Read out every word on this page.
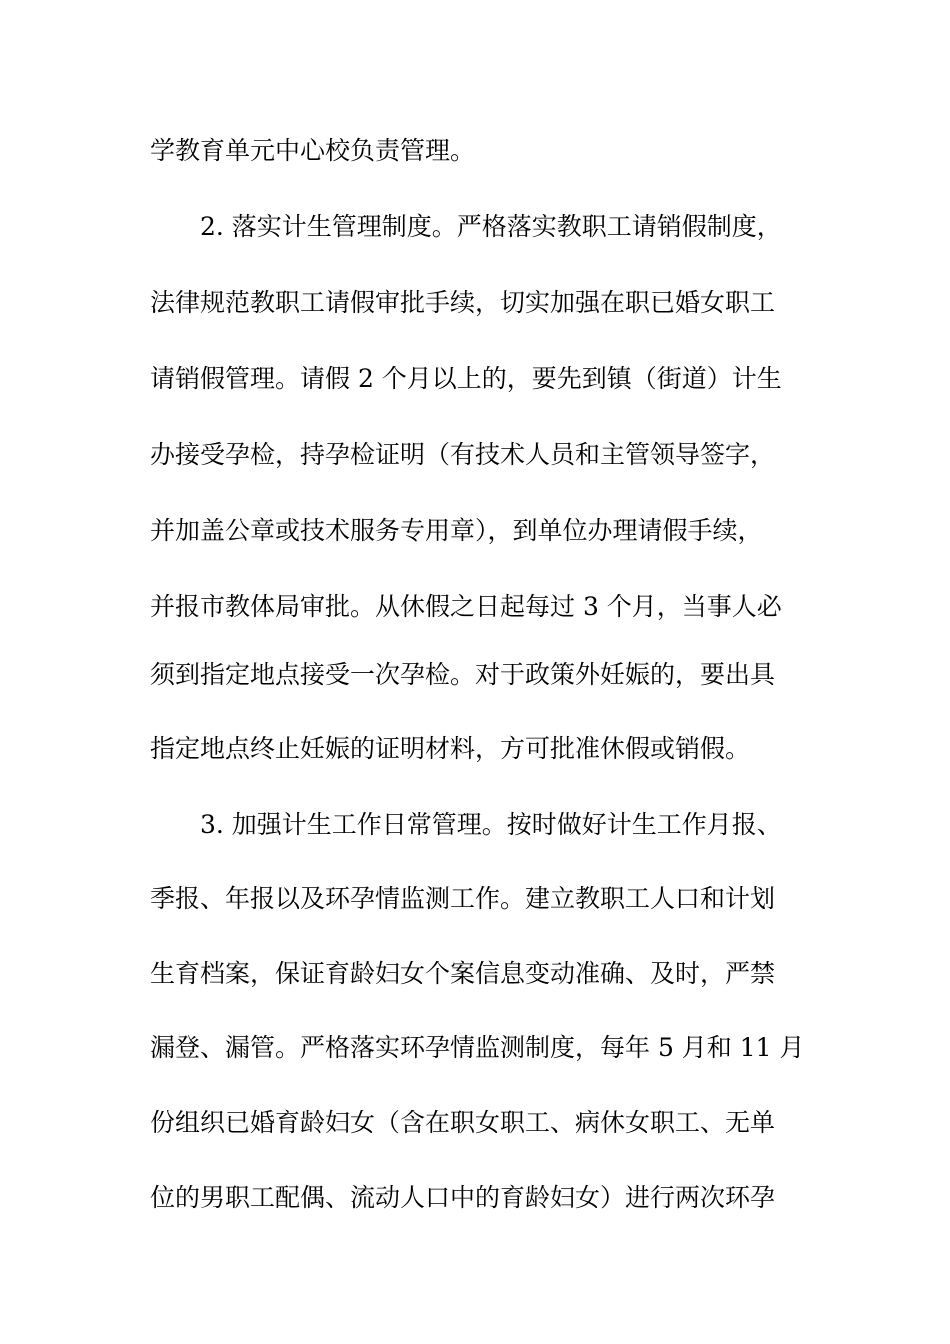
学教育单元中心校负责管理。
　　2. 落实计生管理制度。严格落实教职工请销假制度，
法律规范教职工请假审批手续，切实加强在职已婚女职工
请销假管理。请假 2 个月以上的，要先到镇（街道）计生
办接受孕检，持孕检证明（有技术人员和主管领导签字，
并加盖公章或技术服务专用章），到单位办理请假手续，
并报市教体局审批。从休假之日起每过 3 个月，当事人必
须到指定地点接受一次孕检。对于政策外妊娠的，要出具
指定地点终止妊娠的证明材料，方可批准休假或销假。
　　3. 加强计生工作日常管理。按时做好计生工作月报、
季报、年报以及环孕情监测工作。建立教职工人口和计划
生育档案，保证育龄妇女个案信息变动准确、及时，严禁
漏登、漏管。严格落实环孕情监测制度，每年 5 月和 11 月
份组织已婚育龄妇女（含在职女职工、病休女职工、无单
位的男职工配偶、流动人口中的育龄妇女）进行两次环孕
